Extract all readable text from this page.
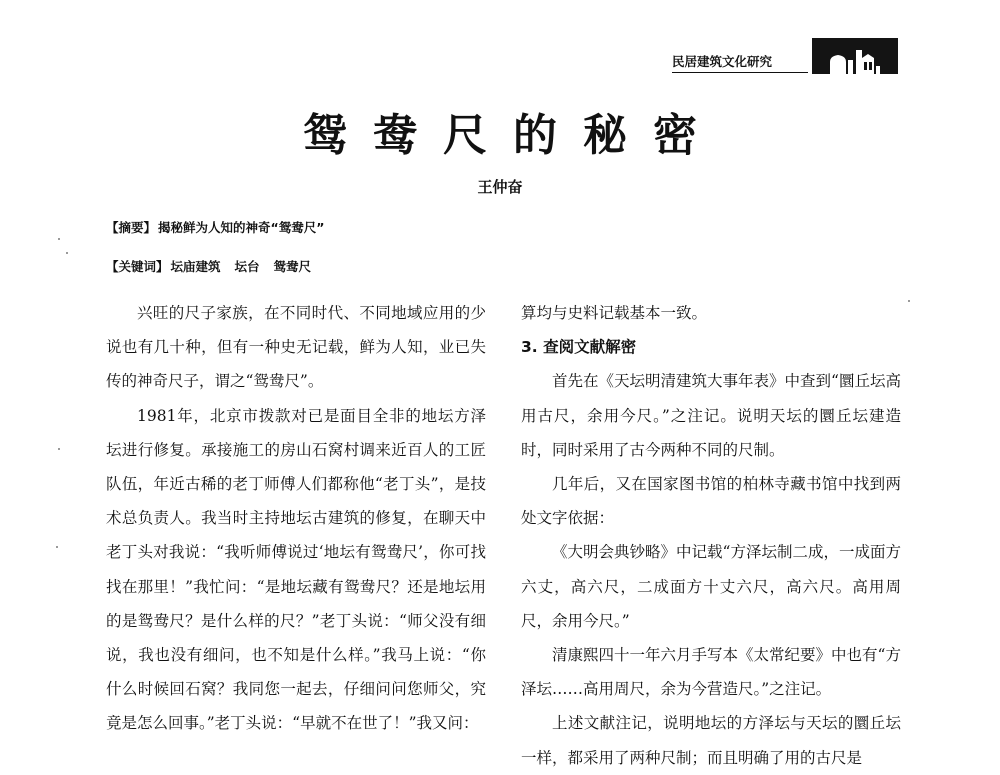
民居建筑文化研究
鸳鸯尺的秘密
王仲奋
【摘要】 揭秘鲜为人知的神奇“鸳鸯尺”
【关键词】 坛庙建筑 坛台 鸳鸯尺

兴旺的尺子家族，在不同时代、不同地域应用的少说也有几十种，但有一种史无记载，鲜为人知，业已失传的神奇尺子，谓之“鸳鸯尺”。

1981年，北京市拨款对已是面目全非的地坛方泽坛进行修复。承接施工的房山石窝村调来近百人的工匠队伍，年近古稀的老丁师傅人们都称他“老丁头”，是技术总负责人。我当时主持地坛古建筑的修复，在聊天中老丁头对我说：“我听师傅说过‘地坛有鸳鸯尺’，你可找找在那里！”我忙问：“是地坛藏有鸳鸯尺？还是地坛用的是鸳鸯尺？是什么样的尺？”老丁头说：“师父没有细说，我也没有细问，也不知是什么样。”我马上说：“你什么时候回石窝？我同您一起去，仔细问问您师父，究竟是怎么回事。”老丁头说：“早就不在世了！”我又问：

算均与史料记载基本一致。

3. 查阅文献解密

首先在《天坛明清建筑大事年表》中查到“圜丘坛高用古尺，余用今尺。”之注记。说明天坛的圜丘坛建造时，同时采用了古今两种不同的尺制。

几年后，又在国家图书馆的柏林寺藏书馆中找到两处文字依据：

《大明会典钞略》中记载“方泽坛制二成，一成面方六丈，高六尺，二成面方十丈六尺，高六尺。高用周尺，余用今尺。”

清康熙四十一年六月手写本《太常纪要》中也有“方泽坛……高用周尺，余为今营造尺。”之注记。

上述文献注记，说明地坛的方泽坛与天坛的圜丘坛一样，都采用了两种尺制；而且明确了用的古尺是
